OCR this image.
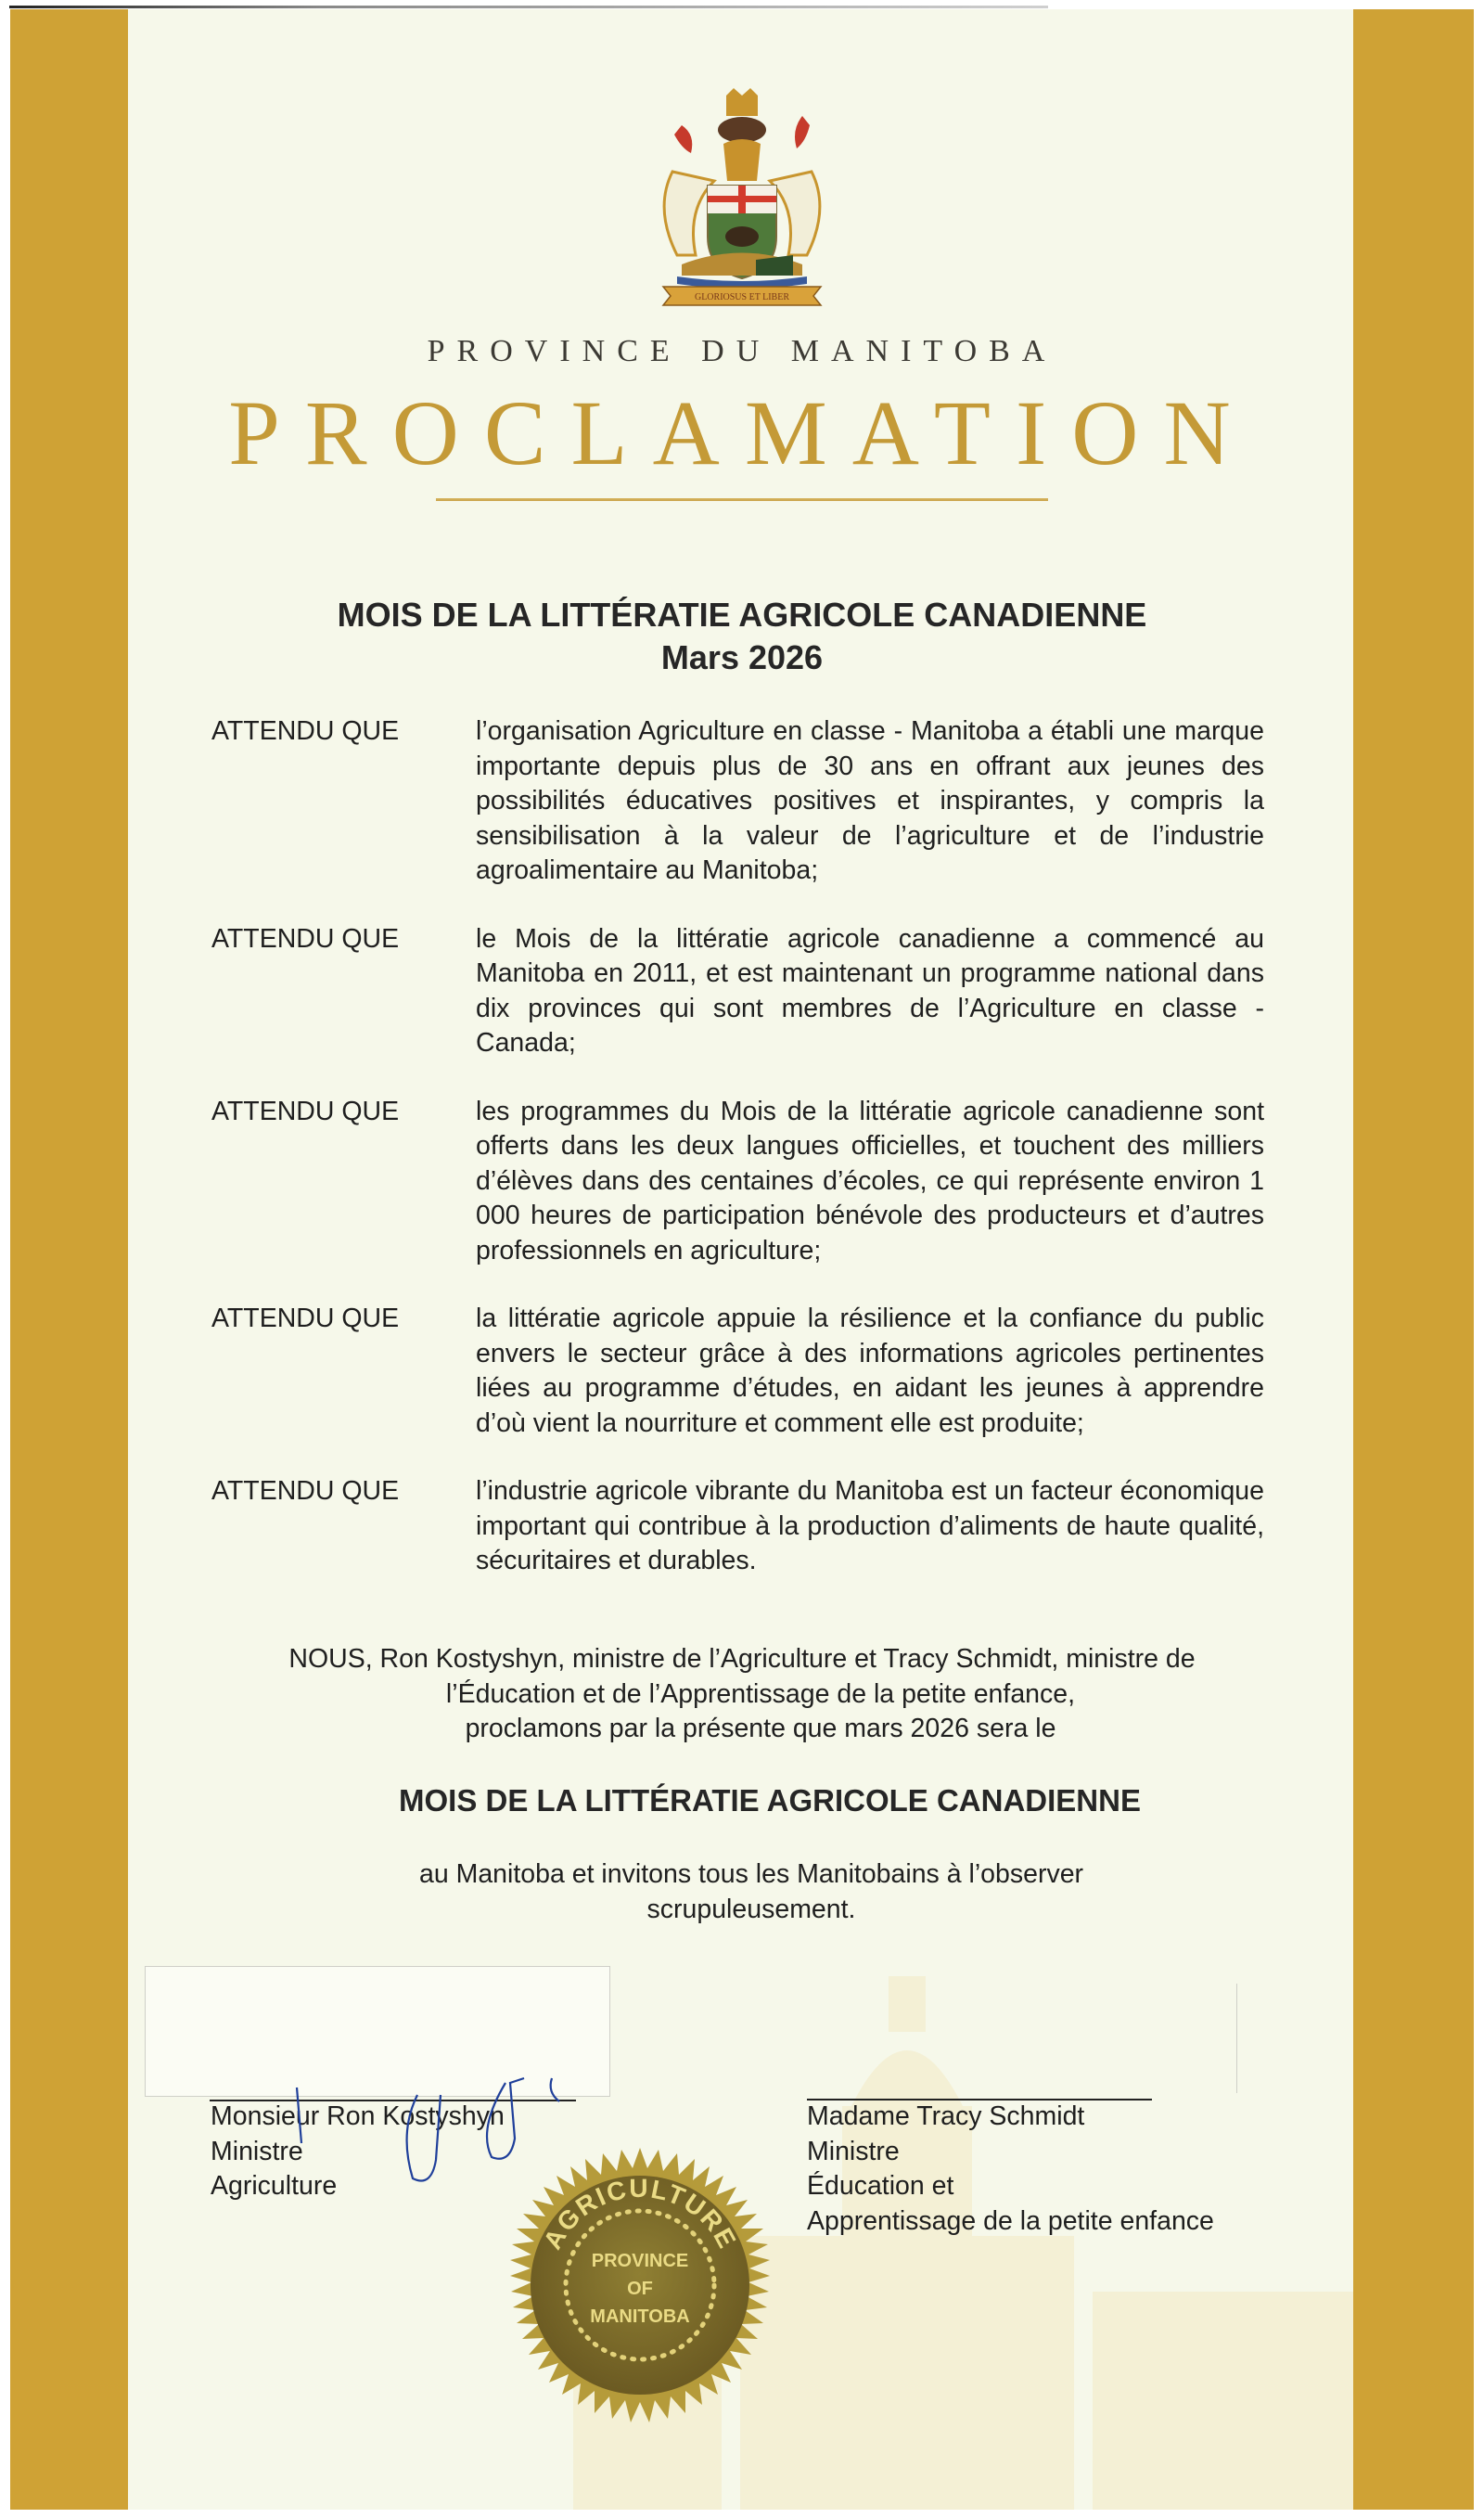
GLORIOSUS ET LIBER
PROVINCE DU MANITOBA
PROCLAMATION
MOIS DE LA LITTÉRATIE AGRICOLE CANADIENNE
Mars 2026
ATTENDU QUE	l’organisation Agriculture en classe - Manitoba a établi une marque importante depuis plus de 30 ans en offrant aux jeunes des possibilités éducatives positives et inspirantes, y compris la sensibilisation à la valeur de l’agriculture et de l’industrie agroalimentaire au Manitoba;
ATTENDU QUE	le Mois de la littératie agricole canadienne a commencé au Manitoba en 2011, et est maintenant un programme national dans dix provinces qui sont membres de l’Agriculture en classe - Canada;
ATTENDU QUE	les programmes du Mois de la littératie agricole canadienne sont offerts dans les deux langues officielles, et touchent des milliers d’élèves dans des centaines d’écoles, ce qui représente environ 1 000 heures de participation bénévole des producteurs et d’autres professionnels en agriculture;
ATTENDU QUE	la littératie agricole appuie la résilience et la confiance du public envers le secteur grâce à des informations agricoles pertinentes liées au programme d’études, en aidant les jeunes à apprendre d’où vient la nourriture et comment elle est produite;
ATTENDU QUE	l’industrie agricole vibrante du Manitoba est un facteur économique important qui contribue à la production d’aliments de haute qualité, sécuritaires et durables.
NOUS, Ron Kostyshyn, ministre de l’Agriculture et Tracy Schmidt, ministre de
l’Éducation et de l’Apprentissage de la petite enfance,
proclamons par la présente que mars 2026 sera le
MOIS DE LA LITTÉRATIE AGRICOLE CANADIENNE
au Manitoba et invitons tous les Manitobains à l’observer
scrupuleusement.
Monsieur Ron Kostyshyn
Ministre
Agriculture
Madame Tracy Schmidt
Ministre
Éducation et
Apprentissage de la petite enfance
AGRICULTURE
PROVINCE
OF
MANITOBA
